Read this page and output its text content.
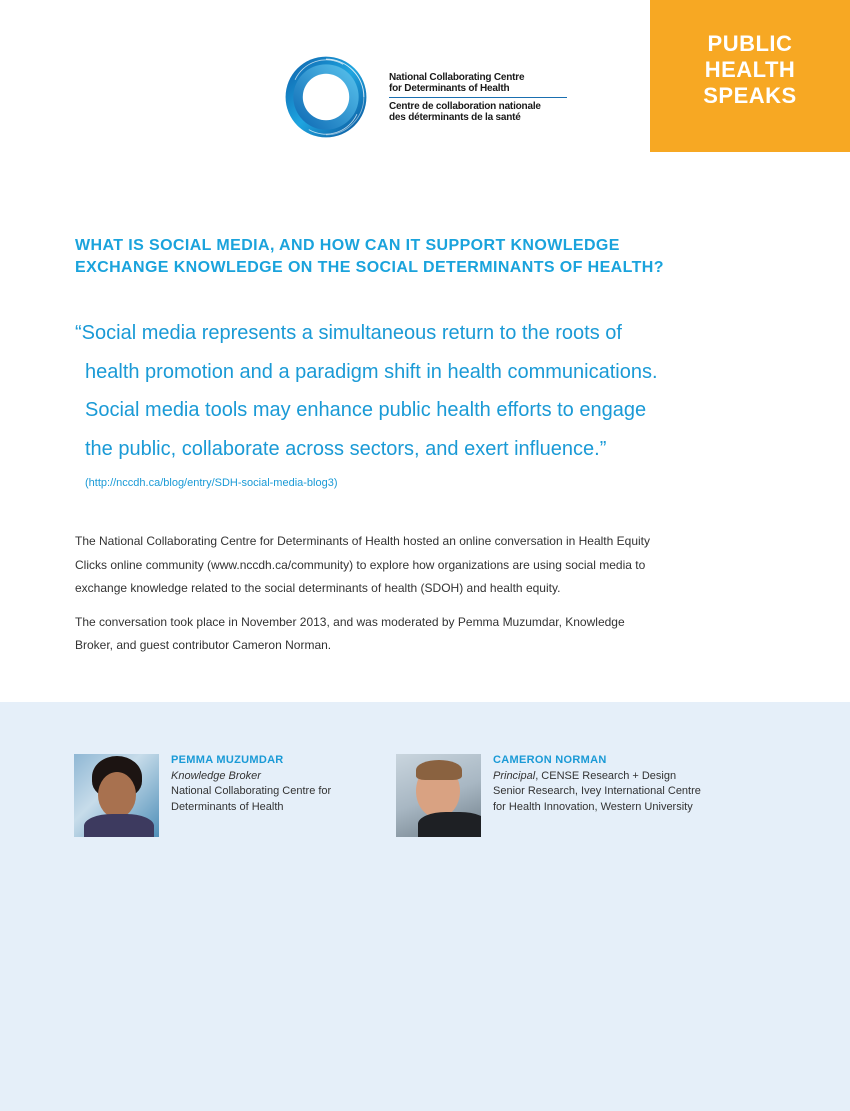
PUBLIC
HEALTH
SPEAKS
National Collaborating Centre
for Determinants of Health
Centre de collaboration nationale
des déterminants de la santé
WHAT IS SOCIAL MEDIA, AND HOW CAN IT SUPPORT KNOWLEDGE
EXCHANGE KNOWLEDGE ON THE SOCIAL DETERMINANTS OF HEALTH?
“Social media represents a simultaneous return to the roots of
health promotion and a paradigm shift in health communications.
Social media tools may enhance public health efforts to engage
the public, collaborate across sectors, and exert influence.”
(http://nccdh.ca/blog/entry/SDH-social-media-blog3)

The National Collaborating Centre for Determinants of Health hosted an online conversation in Health Equity
Clicks online community (www.nccdh.ca/community) to explore how organizations are using social media to
exchange knowledge related to the social determinants of health (SDOH) and health equity.

The conversation took place in November 2013, and was moderated by Pemma Muzumdar, Knowledge
Broker, and guest contributor Cameron Norman.

PEMMA MUZUMDAR
Knowledge Broker
National Collaborating Centre for
Determinants of Health
CAMERON NORMAN
Principal, CENSE Research + Design
Senior Research, Ivey International Centre
for Health Innovation, Western University
